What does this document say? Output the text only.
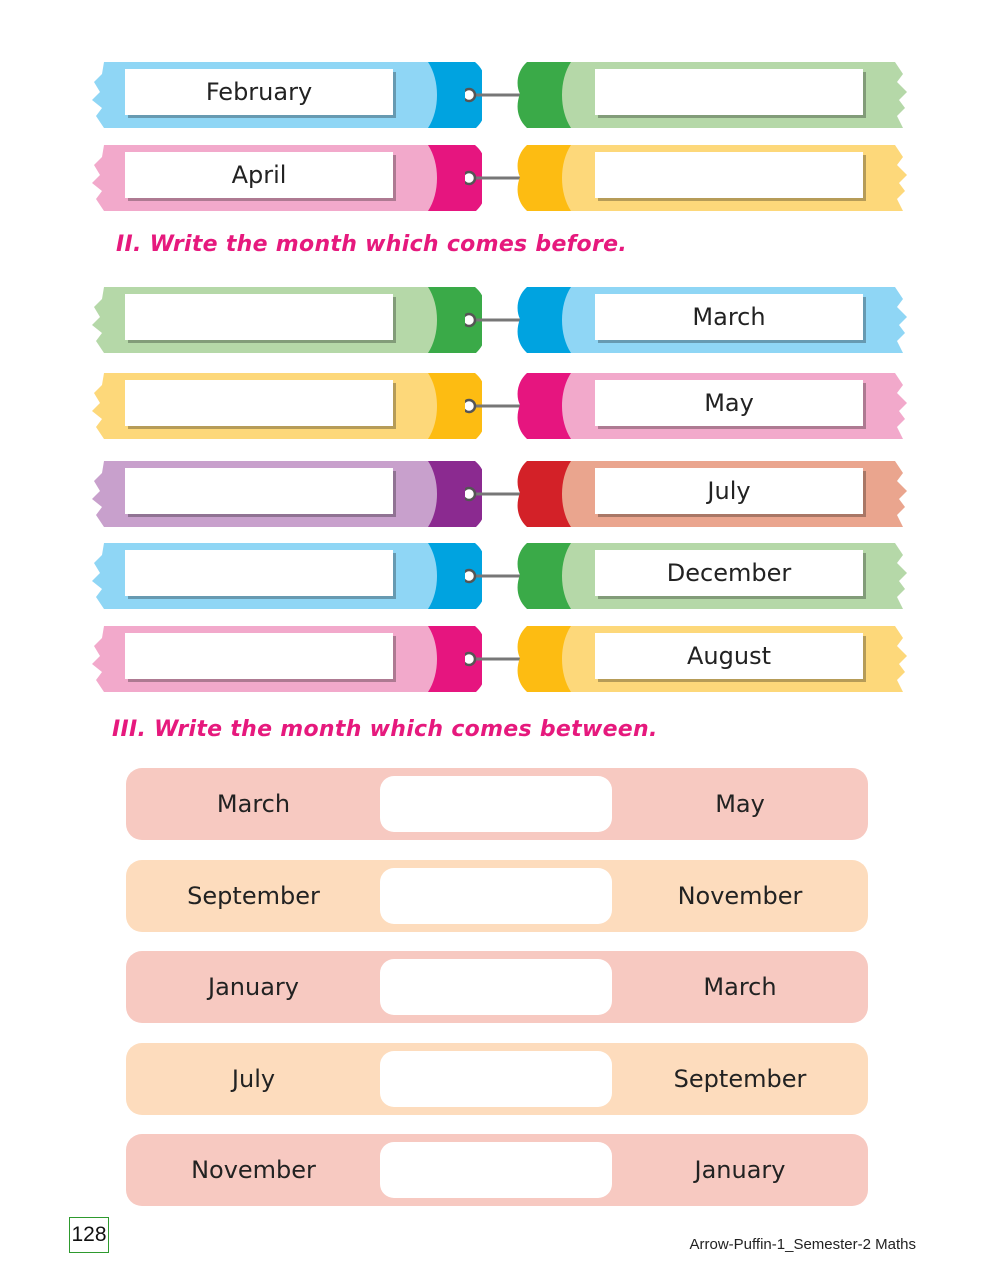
February
April
II. Write the month which comes before.
March
May
July
December
August
III. Write the month which comes between.
March	May
September	November
January	March
July	September
November	January
128	Arrow-Puffin-1_Semester-2 Maths
